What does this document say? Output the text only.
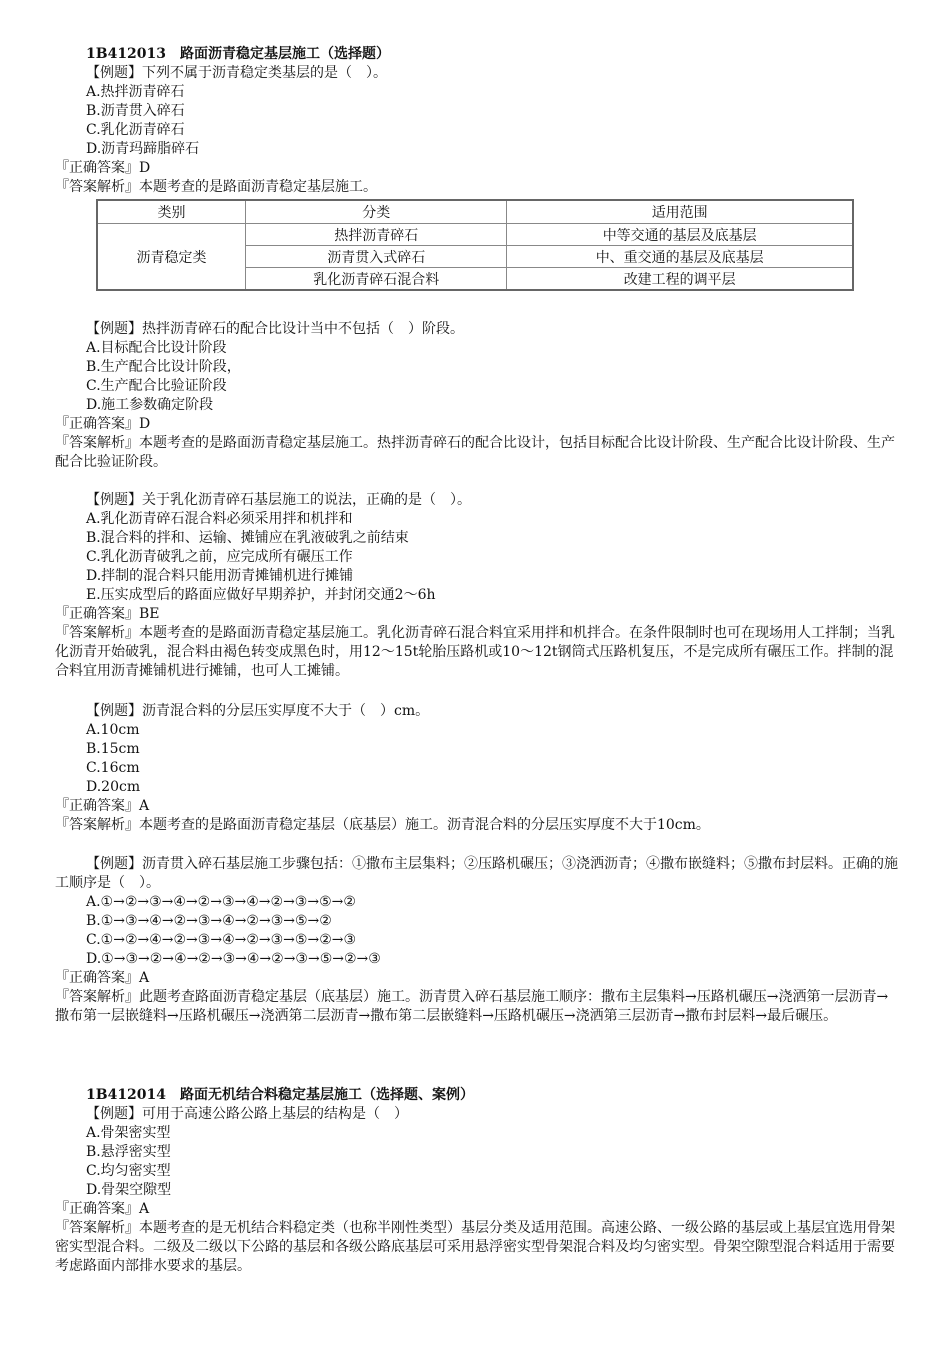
1B412013　路面沥青稳定基层施工（选择题）
【例题】下列不属于沥青稳定类基层的是（　）。
A.热拌沥青碎石
B.沥青贯入碎石
C.乳化沥青碎石
D.沥青玛蹄脂碎石
『正确答案』D
『答案解析』本题考查的是路面沥青稳定基层施工。
类别	分类	适用范围
沥青稳定类	热拌沥青碎石	中等交通的基层及底基层
	沥青贯入式碎石	中、重交通的基层及底基层
	乳化沥青碎石混合料	改建工程的调平层
【例题】热拌沥青碎石的配合比设计当中不包括（　）阶段。
A.目标配合比设计阶段
B.生产配合比设计阶段，
C.生产配合比验证阶段
D.施工参数确定阶段
『正确答案』D
『答案解析』本题考查的是路面沥青稳定基层施工。热拌沥青碎石的配合比设计，包括目标配合比设计阶段、生产配合比设计阶段、生产配合比验证阶段。
【例题】关于乳化沥青碎石基层施工的说法，正确的是（　）。
A.乳化沥青碎石混合料必须采用拌和机拌和
B.混合料的拌和、运输、摊铺应在乳液破乳之前结束
C.乳化沥青破乳之前，应完成所有碾压工作
D.拌制的混合料只能用沥青摊铺机进行摊铺
E.压实成型后的路面应做好早期养护，并封闭交通2～6h
『正确答案』BE
『答案解析』本题考查的是路面沥青稳定基层施工。乳化沥青碎石混合料宜采用拌和机拌合。在条件限制时也可在现场用人工拌制；当乳化沥青开始破乳，混合料由褐色转变成黑色时，用12～15t轮胎压路机或10～12t钢筒式压路机复压，不是完成所有碾压工作。拌制的混合料宜用沥青摊铺机进行摊铺，也可人工摊铺。
【例题】沥青混合料的分层压实厚度不大于（　）cm。
A.10cm
B.15cm
C.16cm
D.20cm
『正确答案』A
『答案解析』本题考查的是路面沥青稳定基层（底基层）施工。沥青混合料的分层压实厚度不大于10cm。
【例题】沥青贯入碎石基层施工步骤包括：①撒布主层集料；②压路机碾压；③浇洒沥青；④撒布嵌缝料；⑤撒布封层料。正确的施工顺序是（　）。
A.①→②→③→④→②→③→④→②→③→⑤→②
B.①→③→④→②→③→④→②→③→⑤→②
C.①→②→④→②→③→④→②→③→⑤→②→③
D.①→③→②→④→②→③→④→②→③→⑤→②→③
『正确答案』A
『答案解析』此题考查路面沥青稳定基层（底基层）施工。沥青贯入碎石基层施工顺序：撒布主层集料→压路机碾压→浇洒第一层沥青→撒布第一层嵌缝料→压路机碾压→浇洒第二层沥青→撒布第二层嵌缝料→压路机碾压→浇洒第三层沥青→撒布封层料→最后碾压。
1B412014　路面无机结合料稳定基层施工（选择题、案例）
【例题】可用于高速公路公路上基层的结构是（　）
A.骨架密实型
B.悬浮密实型
C.均匀密实型
D.骨架空隙型
『正确答案』A
『答案解析』本题考查的是无机结合料稳定类（也称半刚性类型）基层分类及适用范围。高速公路、一级公路的基层或上基层宜选用骨架密实型混合料。二级及二级以下公路的基层和各级公路底基层可采用悬浮密实型骨架混合料及均匀密实型。骨架空隙型混合料适用于需要考虑路面内部排水要求的基层。
